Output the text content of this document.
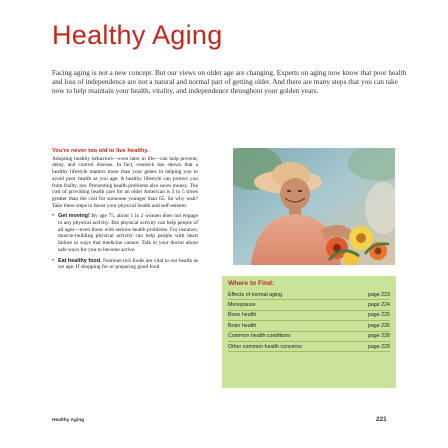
Healthy Aging

Facing aging is not a new concept. But our views on older age are changing. Experts on aging now know that poor health and loss of independence are not a natural and normal part of getting older. And there are many steps that you can take now to help maintain your health, vitality, and independence throughout your golden years.

You're never too old to live healthy.

Adopting healthy behaviors—even later in life—can help prevent, delay, and control disease. In fact, research has shown that a healthy lifestyle matters more than your genes in helping you to avoid poor health as you age. A healthy lifestyle can protect you from frailty, too. Preventing health problems also saves money. The cost of providing health care for an older American is 3 to 5 times greater than the cost for someone younger than 65. So why wait? Take these steps to boost your physical health and self-esteem:

• Get moving! By age 75, about 1 in 2 women does not engage in any physical activity. But physical activity can help people of all ages—even those with serious health problems. For instance, muscle-building physical activity can help people with heart failure in ways that medicine cannot. Talk to your doctor about safe ways for you to become active.
• Eat healthy food. Nutrient-rich foods are vital to our health as we age. If shopping for or preparing good food
Where to Find:
Effects of normal aging	page 223
Menopause	page 224
Bone health	page 225
Brain health	page 226
Common health conditions	page 228
Other common health concerns	page 229
Healthy Aging	221
